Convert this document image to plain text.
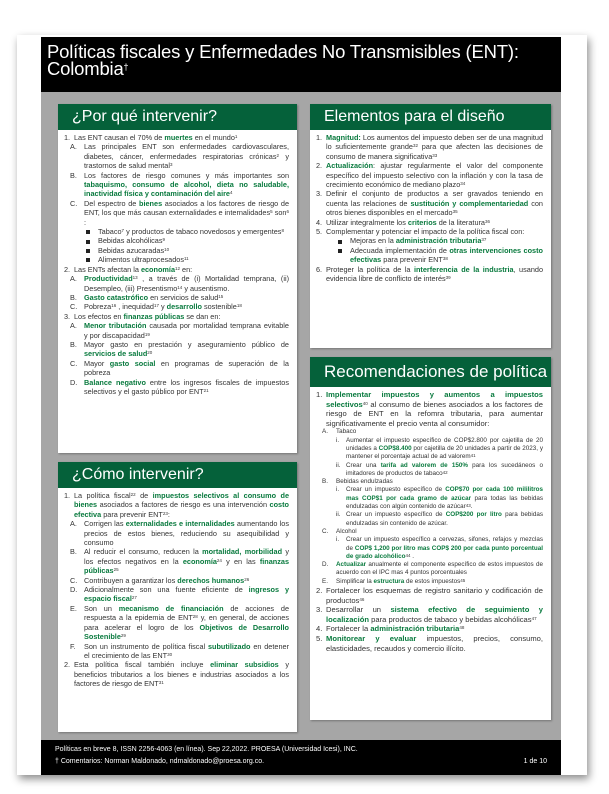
Políticas fiscales y Enfermedades No Transmisibles (ENT): Colombia†
¿Por qué intervenir?
1. Las ENT causan el 70% de muertes en el mundo$^1$
A. Las principales ENT son enfermedades cardiovasculares, diabetes, cáncer, enfermedades respiratorias crónicas$^2$ y trastornos de salud mental$^3$
B. Los factores de riesgo comunes y más importantes son tabaquismo, consumo de alcohol, dieta no saludable, inactividad física y contaminación del aire$^4$
C. Del espectro de bienes asociados a los factores de riesgo de ENT, los que más causan externalidades e internalidades$^5$ son$^6$ :
Tabaco$^7$ y productos de tabaco novedosos y emergentes$^8$
Bebidas alcohólicas$^9$
Bebidas azucaradas$^{10}$
Alimentos ultraprocesados$^{11}$
2. Las ENTs afectan la economía$^{12}$ en:
A. Productividad$^{13}$ , a través de (i) Mortalidad temprana, (ii) Desempleo, (iii) Presentismo$^{14}$ y ausentismo.
B. Gasto catastrófico en servicios de salud$^{15}$
C. Pobreza$^{16}$ , inequidad$^{17}$ y desarrollo sostenible$^{18}$
3. Los efectos en finanzas públicas se dan en:
A. Menor tributación causada por mortalidad temprana evitable y por discapacidad$^{19}$
B. Mayor gasto en prestación y aseguramiento público de servicios de salud$^{20}$
C. Mayor gasto social en programas de superación de la pobreza
D. Balance negativo entre los ingresos fiscales de impuestos selectivos y el gasto público por ENT$^{21}$
¿Cómo intervenir?
1. La política fiscal$^{22}$ de impuestos selectivos al consumo de bienes asociados a factores de riesgo es una intervención costo efectiva para prevenir ENT$^{23}$:
A. Corrigen las externalidades e internalidades aumentando los precios de estos bienes, reduciendo su asequibilidad y consumo
B. Al reducir el consumo, reducen la mortalidad, morbilidad y los efectos negativos en la economía$^{24}$ y en las finanzas públicas$^{25}$
C. Contribuyen a garantizar los derechos humanos$^{26}$
D. Adicionalmente son una fuente eficiente de ingresos y espacio fiscal$^{27}$
E. Son un mecanismo de financiación de acciones de respuesta a la epidemia de ENT$^{28}$ y, en general, de acciones para acelerar el logro de los Objetivos de Desarrollo Sostenible$^{29}$
F. Son un instrumento de política fiscal subutilizado en detener el crecimiento de las ENT$^{30}$
2. Esta política fiscal también incluye eliminar subsidios y beneficios tributarios a los bienes e industrias asociados a los factores de riesgo de ENT$^{31}$
Elementos para el diseño
1. Magnitud: Los aumentos del impuesto deben ser de una magnitud lo suficientemente grande$^{32}$ para que afecten las decisiones de consumo de manera significativa$^{33}$
2. Actualización: ajustar regularmente el valor del componente específico del impuesto selectivo con la inflación y con la tasa de crecimiento económico de mediano plazo$^{34}$
3. Definir el conjunto de productos a ser gravados teniendo en cuenta las relaciones de sustitución y complementariedad con otros bienes disponibles en el mercado$^{35}$
4. Utilizar integralmente los criterios de la literatura$^{36}$
5. Complementar y potenciar el impacto de la política fiscal con:
Mejoras en la administración tributaria$^{37}$
Adecuada implementación de otras intervenciones costo efectivas para prevenir ENT$^{38}$
6. Proteger la política de la interferencia de la industria, usando evidencia libre de conflicto de interés$^{39}$
Recomendaciones de política
1. Implementar impuestos y aumentos a impuestos selectivos$^{40}$ al consumo de bienes asociados a los factores de riesgo de ENT en la refomra tributaria, para aumentar significativamente el precio venta al consumidor:
A. Tabaco
i. Aumentar el impuesto específico de COP$2.800 por cajetilla de 20 unidades a COP$8.400 por cajetilla de 20 unidades a partir de 2023, y mantener el porcentaje actual de ad valorem$^{41}$
ii. Crear una tarifa ad valorem de 150% para los sucedáneos o imitadores de productos de tabaco$^{42}$
B. Bebidas endulzadas
i. Crear un impuesto específico de COP$70 por cada 100 mililitros mas COP$1 por cada gramo de azúcar para todas las bebidas endulzadas con algún contenido de azúcar$^{43}$.
ii. Crear un impuesto específico de COP$200 por litro para bebidas endulzadas sin contenido de azúcar.
C. Alcohol
i. Crear un impuesto específico a cervezas, sifones, refajos y mezclas de COP$ 1,200 por litro mas COP$ 200 por cada punto porcentual de grado alcohólico$^{44}$ .
D. Actualizar anualmente el componente específico de estos impuestos de acuerdo con el IPC mas 4 puntos porcentuales
E. Simplificar la estructura de estos impuestos$^{45}$
2. Fortalecer los esquemas de registro sanitario y codificación de productos$^{46}$
3. Desarrollar un sistema efectivo de seguimiento y localización para productos de tabaco y bebidas alcohólicas$^{47}$
4. Fortalecer la administración tributaria$^{48}$
5. Monitorear y evaluar impuestos, precios, consumo, elasticidades, recaudos y comercio ilícito.
Políticas en breve 8, ISSN 2256-4063 (en línea). Sep 22,2022. PROESA (Universidad Icesi), INC.
† Comentarios: Norman Maldonado, ndmaldonado@proesa.org.co.	1 de 10
